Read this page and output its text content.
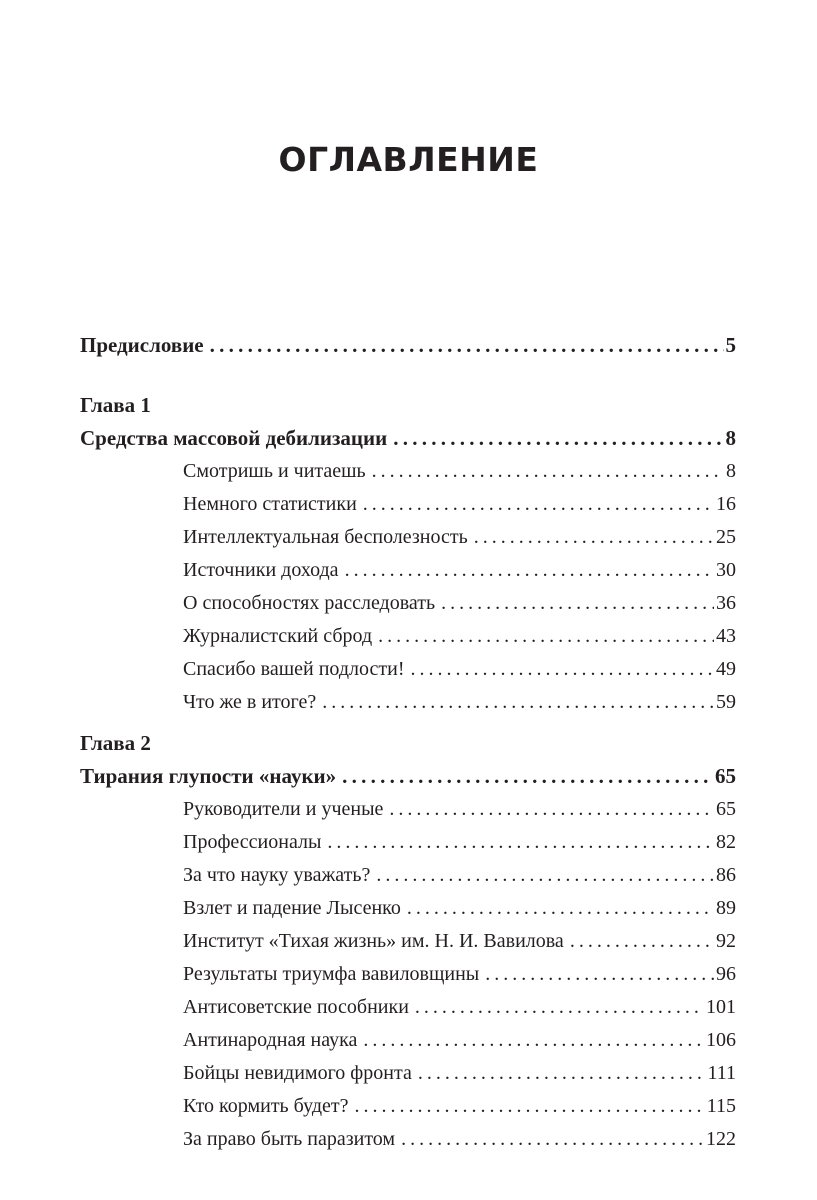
ОГЛАВЛЕНИЕ
Предисловие . . .	5
Глава 1
Средства массовой дебилизации . . .	8
Смотришь и читаешь . . .	8
Немного статистики . . .	16
Интеллектуальная бесполезность . . .	25
Источники дохода . . .	30
О способностях расследовать . . .	36
Журналистский сброд . . .	43
Спасибо вашей подлости! . . .	49
Что же в итоге? . . .	59
Глава 2
Тирания глупости «науки» . . .	65
Руководители и ученые . . .	65
Профессионалы . . .	82
За что науку уважать? . . .	86
Взлет и падение Лысенко . . .	89
Институт «Тихая жизнь» им. Н. И. Вавилова . . .	92
Результаты триумфа вавиловщины . . .	96
Антисоветские пособники . . .	101
Антинародная наука . . .	106
Бойцы невидимого фронта . . .	111
Кто кормить будет? . . .	115
За право быть паразитом . . .	122
